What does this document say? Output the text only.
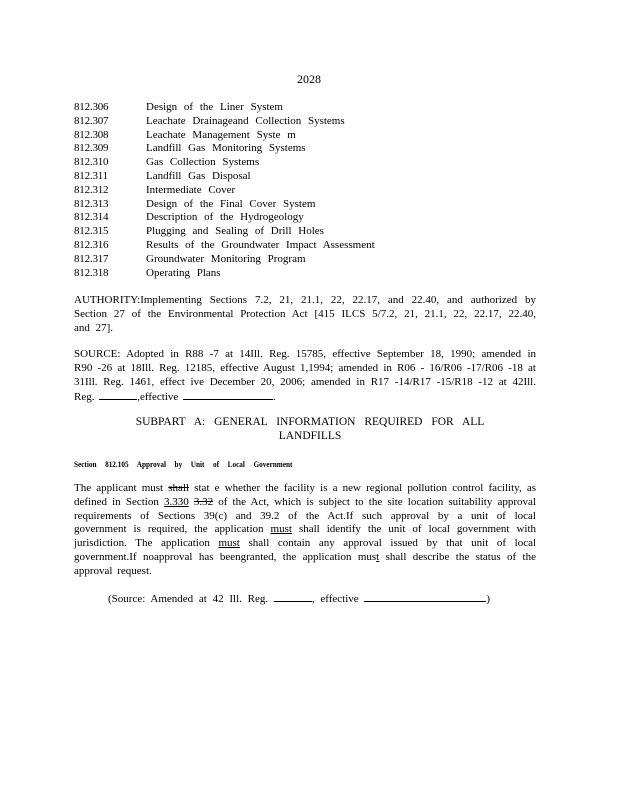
2028
812.306	Design of the Liner System
812.307	Leachate Drainageand Collection Systems
812.308	Leachate Management Syste m
812.309	Landfill Gas Monitoring Systems
812.310	Gas Collection Systems
812.311	Landfill Gas Disposal
812.312	Intermediate Cover
812.313	Design of the Final Cover System
812.314	Description of the Hydrogeology
812.315	Plugging and Sealing of Drill Holes
812.316	Results of the Groundwater Impact Assessment
812.317	Groundwater Monitoring Program
812.318	Operating Plans
AUTHORITY:Implementing Sections 7.2, 21, 21.1, 22, 22.17, and 22.40, and authorized by Section 27 of the Environmental Protection Act [415 ILCS 5/7.2, 21, 21.1, 22, 22.17, 22.40, and 27].
SOURCE: Adopted in R88 -7 at 14Ill. Reg. 15785, effective September 18, 1990; amended in R90 -26 at 18Ill. Reg. 12185, effective August 1,1994; amended in R06 - 16/R06 -17/R06 -18 at 31Ill. Reg. 1461, effect ive December 20, 2006; amended in R17 -14/R17 -15/R18 -12 at 42Ill. Reg.	,effective	.
SUBPART A: GENERAL INFORMATION REQUIRED FOR ALL
LANDFILLS
Section 812.105 Approval by Unit of Local Government
The applicant must shall stat e whether the facility is a new regional pollution control facility, as
defined in Section 3.330 3.32 of the Act, which is subject to the site location suitability approval
requirements of Sections 39(c) and 39.2 of the Act.If such approval by a unit of local
government is required, the application must shall identify the unit of local government with
jurisdiction. The application must shall contain any approval issued by that unit of local
government.If noapproval has beengranted, the application must shall describe the status of the
approval request.
(Source: Amended at 42 Ill. Reg.	, effective	)
